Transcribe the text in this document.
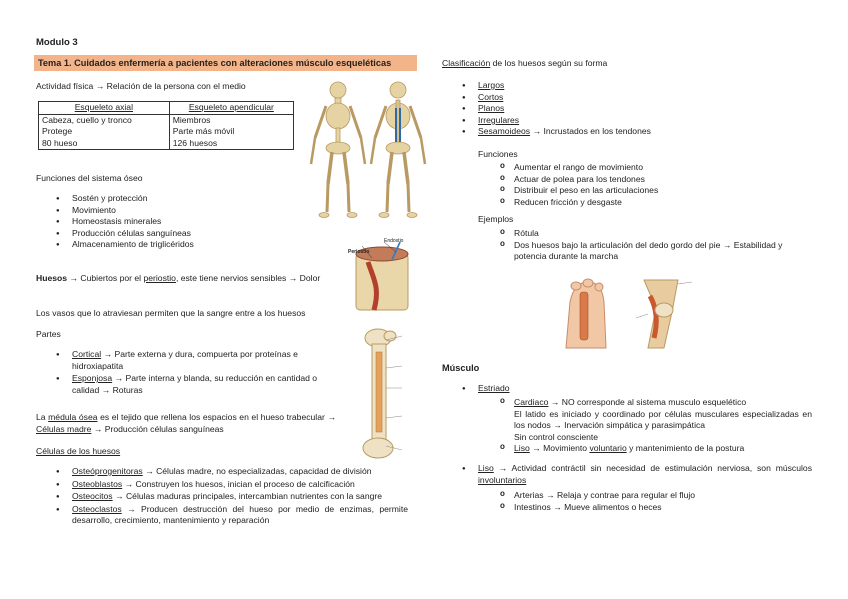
Modulo 3
Tema 1. Cuidados enfermería a pacientes con alteraciones músculo esqueléticas
Actividad física → Relación de la persona con el medio
Esqueleto axial	Esqueleto apendicular
Cabeza, cuello y tronco	Miembros
Protege	Parte más móvil
80 hueso	126 huesos
Funciones del sistema óseo
● Sostén y protección
● Movimiento
● Homeostasis minerales
● Producción células sanguíneas
● Almacenamiento de triglicéridos
Periostio
Endostio
Huesos → Cubiertos por el periostio, este tiene nervios sensibles → Dolor
Los vasos que lo atraviesan permiten que la sangre entre a los huesos
Partes
● Cortical → Parte externa y dura, compuerta por proteínas e hidroxiapatita
● Esponjosa → Parte interna y blanda, su reducción en cantidad o calidad → Roturas
La médula ósea es el tejido que rellena los espacios en el hueso trabecular → Células madre → Producción células sanguíneas
Células de los huesos
● Osteóprogenitoras → Células madre, no especializadas, capacidad de división
● Osteoblastos → Construyen los huesos, inician el proceso de calcificación
● Osteocitos → Células maduras principales, intercambian nutrientes con la sangre
● Osteoclastos → Producen destrucción del hueso por medio de enzimas, permite desarrollo, crecimiento, mantenimiento y reparación
Clasificación de los huesos según su forma
● Largos
● Cortos
● Planos
● Irregulares
● Sesamoideos → Incrustados en los tendones
Funciones
o Aumentar el rango de movimiento
o Actuar de polea para los tendones
o Distribuir el peso en las articulaciones
o Reducen fricción y desgaste
Ejemplos
o Rótula
o Dos huesos bajo la articulación del dedo gordo del pie → Estabilidad y potencia durante la marcha
Músculo
● Estriado
o Cardiaco → NO corresponde al sistema musculo esquelético
El latido es iniciado y coordinado por células musculares especializadas en los nodos → Inervación simpática y parasimpática
Sin control consciente
o Liso → Movimiento voluntario y mantenimiento de la postura
● Liso → Actividad contráctil sin necesidad de estimulación nerviosa, son músculos involuntarios
o Arterias → Relaja y contrae para regular el flujo
o Intestinos → Mueve alimentos o heces
